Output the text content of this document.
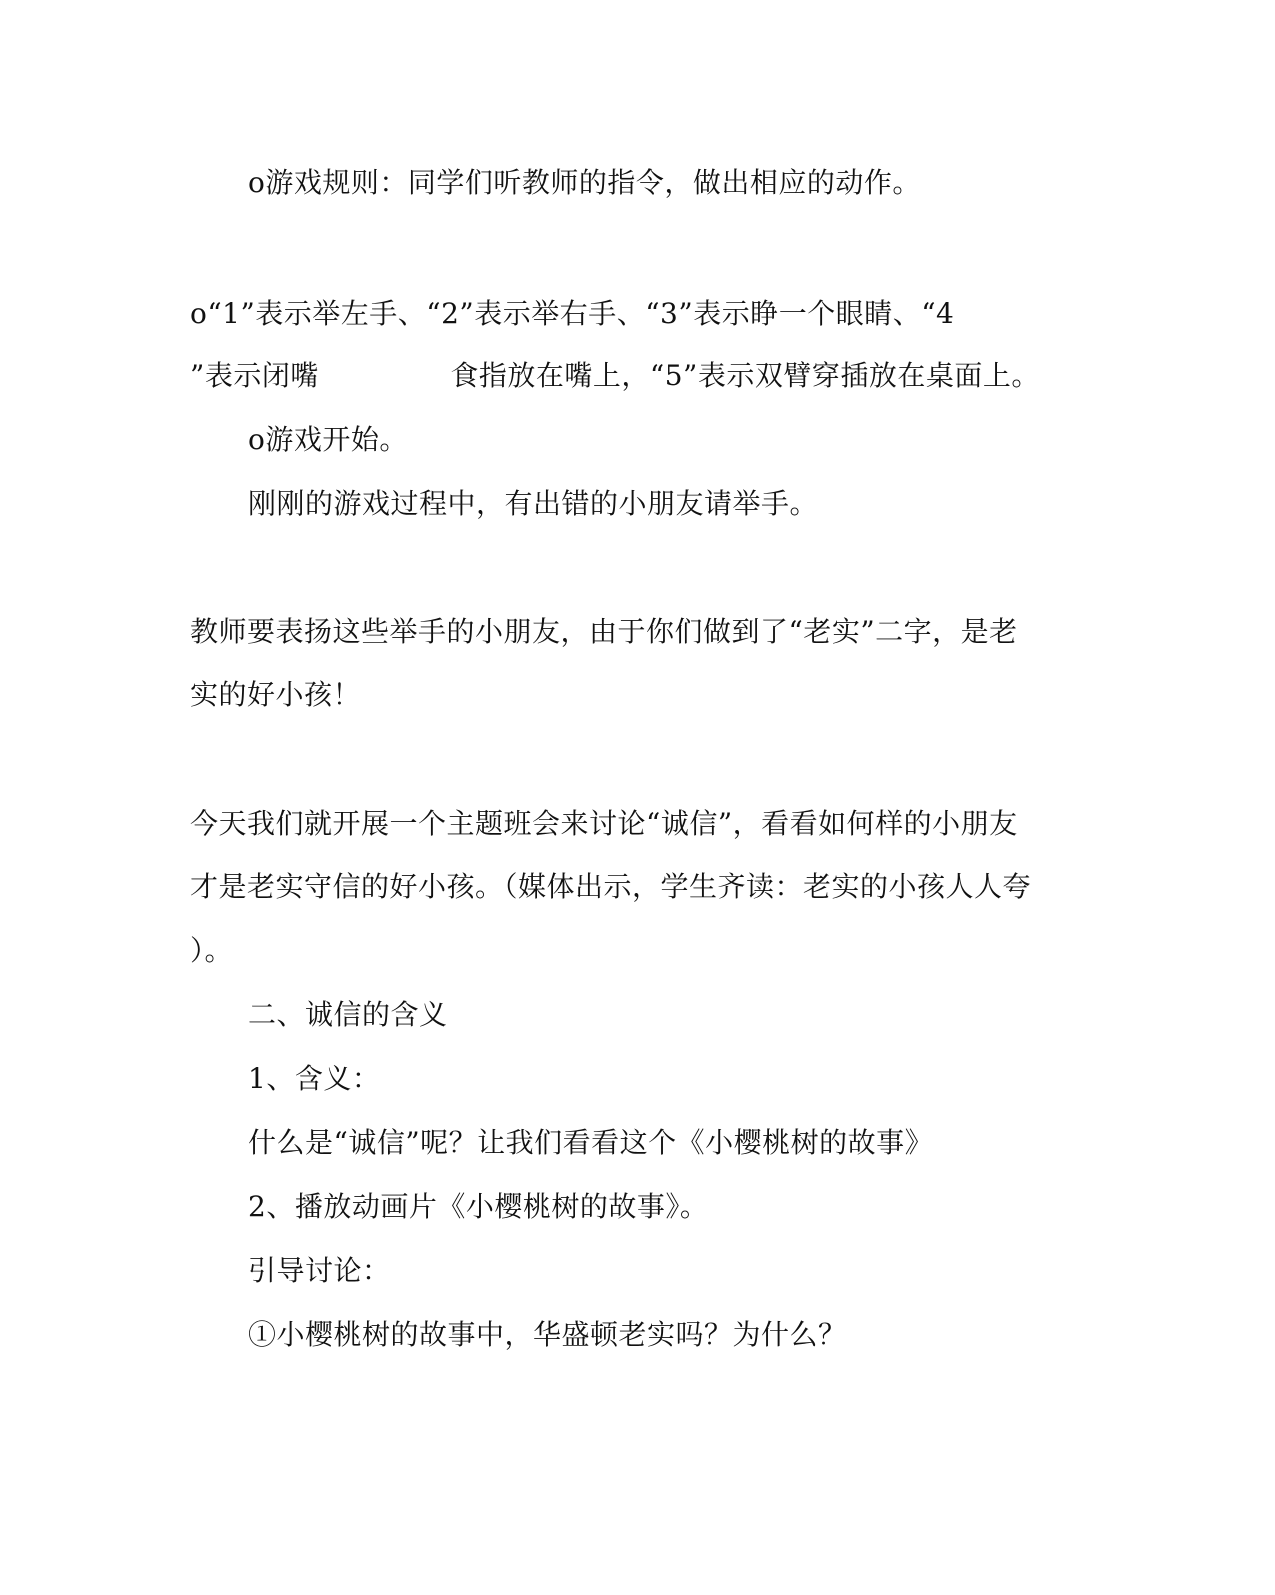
o游戏规则：同学们听教师的指令，做出相应的动作。
o“1”表示举左手、“2”表示举右手、“3”表示睁一个眼睛、“4
”表示闭嘴              食指放在嘴上，“5”表示双臂穿插放在桌面上。
o游戏开始。
刚刚的游戏过程中，有出错的小朋友请举手。
教师要表扬这些举手的小朋友，由于你们做到了“老实”二字，是老
实的好小孩！
今天我们就开展一个主题班会来讨论“诚信”，看看如何样的小朋友
才是老实守信的好小孩。（媒体出示，学生齐读：老实的小孩人人夸
）。
二、诚信的含义
1、含义：
什么是“诚信”呢？让我们看看这个《小樱桃树的故事》
2、播放动画片《小樱桃树的故事》。
引导讨论：
①小樱桃树的故事中，华盛顿老实吗？为什么？
